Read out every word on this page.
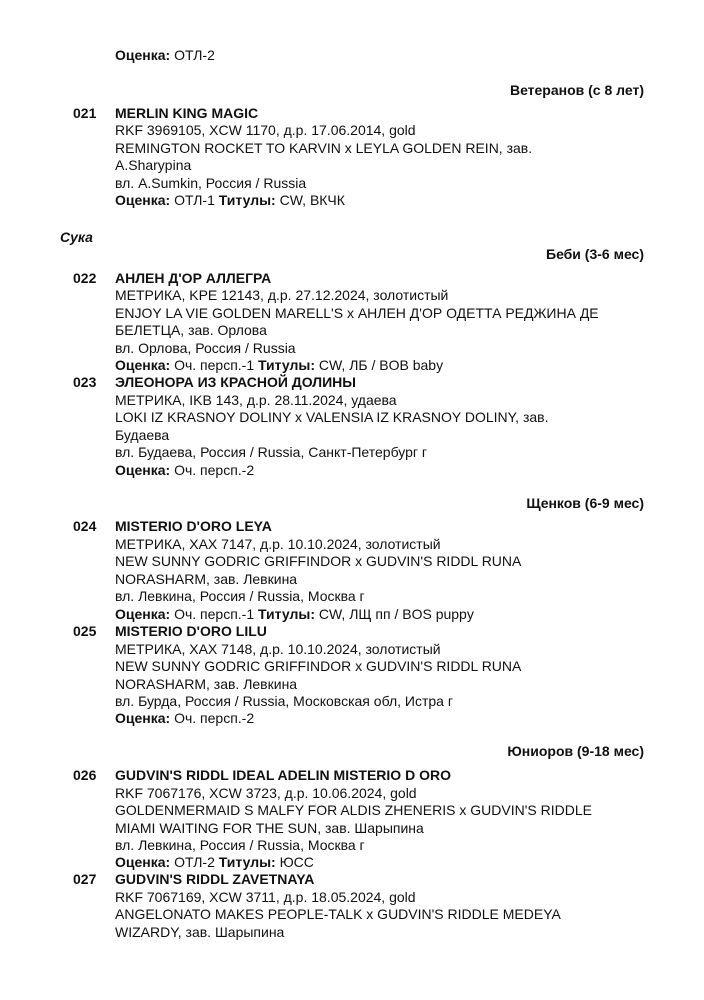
Оценка: ОТЛ-2
Ветеранов (с 8 лет)
021 MERLIN KING MAGIC
RKF 3969105, XCW 1170, д.р. 17.06.2014, gold
REMINGTON ROCKET TO KARVIN x LEYLA GOLDEN REIN, зав.
A.Sharypina
вл. A.Sumkin, Россия / Russia
Оценка: ОТЛ-1 Титулы: CW, ВКЧК
Сука
Беби (3-6 мес)
022 АНЛЕН Д'ОР АЛЛЕГРА
МЕТРИКА, KPE 12143, д.р. 27.12.2024, золотистый
ENJOY LA VIE GOLDEN MARELL'S x АНЛЕН Д'ОР ОДЕТТА РЕДЖИНА ДЕ
БЕЛЕТЦА, зав. Орлова
вл. Орлова, Россия / Russia
Оценка: Оч. персп.-1 Титулы: CW, ЛБ / BOB baby
023 ЭЛЕОНОРА ИЗ КРАСНОЙ ДОЛИНЫ
МЕТРИКА, IKB 143, д.р. 28.11.2024, удаева
LOKI IZ KRASNOY DOLINY x VALENSIA IZ KRASNOY DOLINY, зав.
Будаева
вл. Будаева, Россия / Russia, Санкт-Петербург г
Оценка: Оч. персп.-2
Щенков (6-9 мес)
024 MISTERIO D'ORO LEYA
МЕТРИКА, XAX 7147, д.р. 10.10.2024, золотистый
NEW SUNNY GODRIC GRIFFINDOR x GUDVIN'S RIDDL RUNA
NORASHARM, зав. Левкина
вл. Левкина, Россия / Russia, Москва г
Оценка: Оч. персп.-1 Титулы: CW, ЛЩ пп / BOS puppy
025 MISTERIO D'ORO LILU
МЕТРИКА, XAX 7148, д.р. 10.10.2024, золотистый
NEW SUNNY GODRIC GRIFFINDOR x GUDVIN'S RIDDL RUNA
NORASHARM, зав. Левкина
вл. Бурда, Россия / Russia, Московская обл, Истра г
Оценка: Оч. персп.-2
Юниоров (9-18 мес)
026 GUDVIN'S RIDDL IDEAL ADELIN MISTERIO D ORO
RKF 7067176, XCW 3723, д.р. 10.06.2024, gold
GOLDENMERMAID S MALFY FOR ALDIS ZHENERIS x GUDVIN'S RIDDLE
MIAMI WAITING FOR THE SUN, зав. Шарыпина
вл. Левкина, Россия / Russia, Москва г
Оценка: ОТЛ-2 Титулы: ЮСС
027 GUDVIN'S RIDDL ZAVETNAYA
RKF 7067169, XCW 3711, д.р. 18.05.2024, gold
ANGELONATO MAKES PEOPLE-TALK x GUDVIN'S RIDDLE MEDEYA
WIZARDY, зав. Шарыпина
